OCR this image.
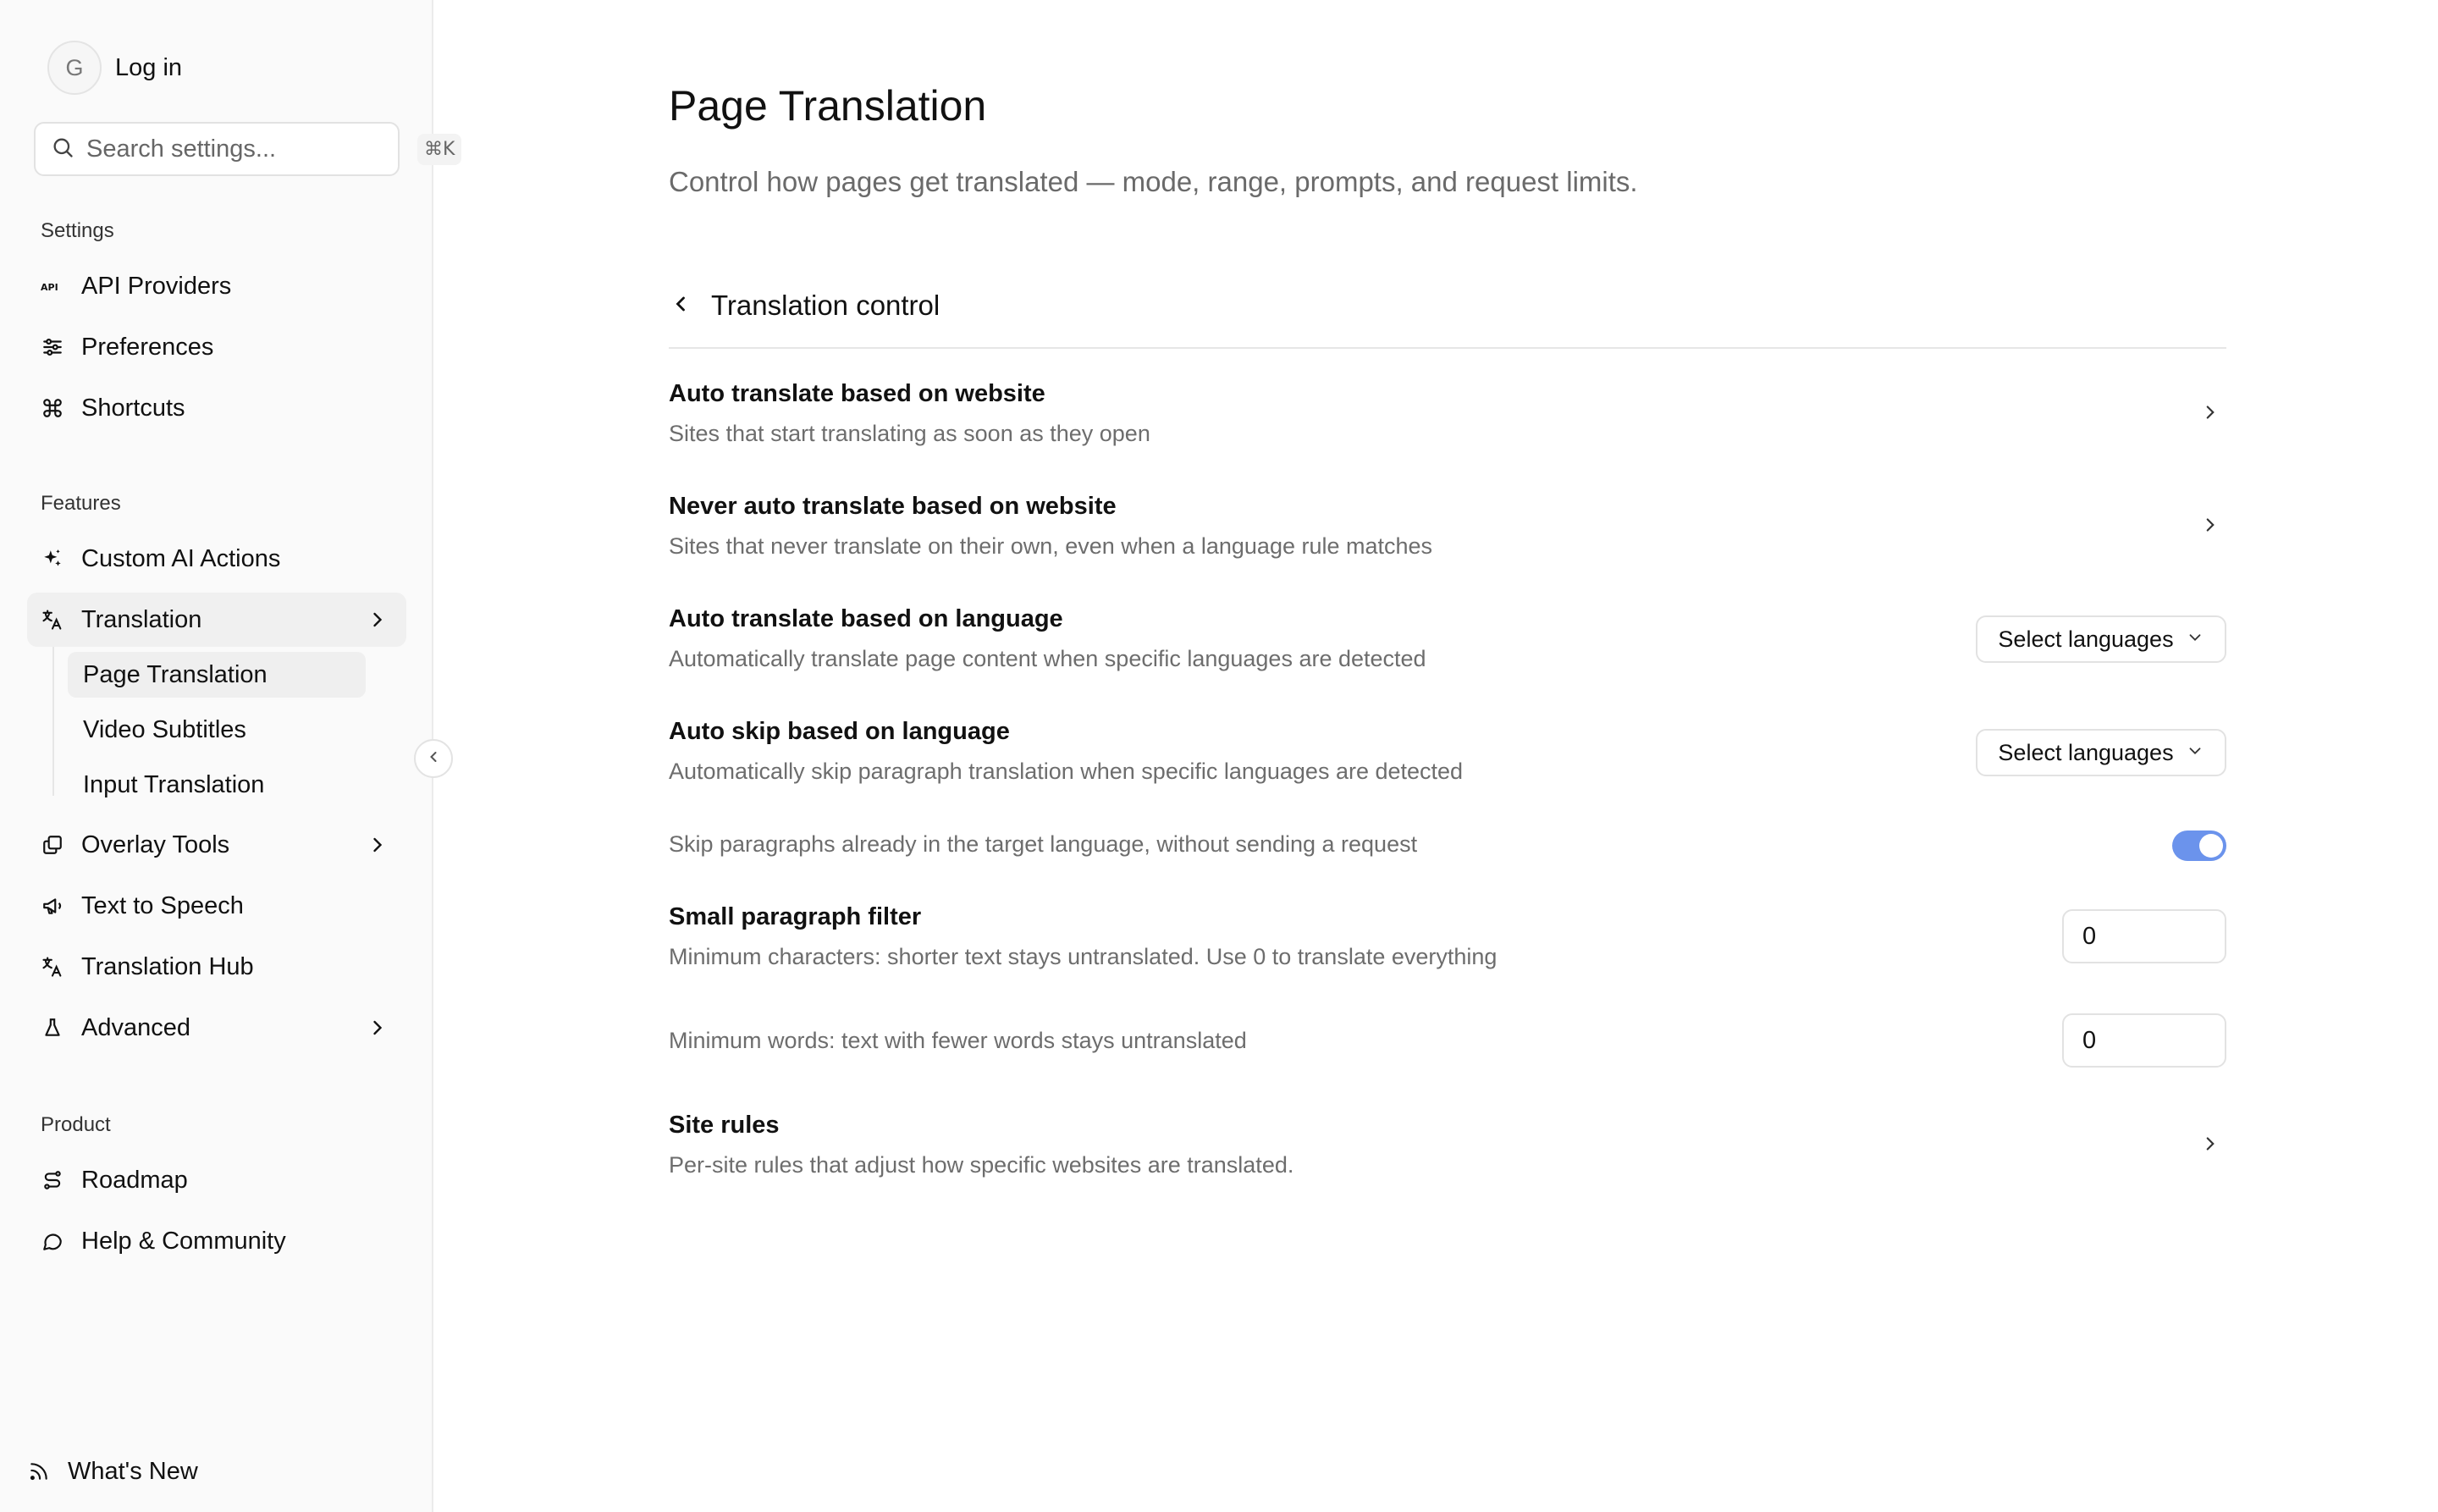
G	Log in
Search settings...
⌘K
Settings
API API Providers
Preferences
Shortcuts
Features
Custom AI Actions
Translation
Page Translation
Video Subtitles
Input Translation
Overlay Tools
Text to Speech
Translation Hub
Advanced
Product
Roadmap
Help & Community
What's New
Page Translation

Control how pages get translated — mode, range, prompts, and request limits.

Translation control
Auto translate based on website
Sites that start translating as soon as they open
Never auto translate based on website
Sites that never translate on their own, even when a language rule matches
Auto translate based on language
Automatically translate page content when specific languages are detected
Select languages
Auto skip based on language
Automatically skip paragraph translation when specific languages are detected
Select languages
Skip paragraphs already in the target language, without sending a request
Small paragraph filter
Minimum characters: shorter text stays untranslated. Use 0 to translate everything
0
Minimum words: text with fewer words stays untranslated
0
Site rules
Per-site rules that adjust how specific websites are translated.
